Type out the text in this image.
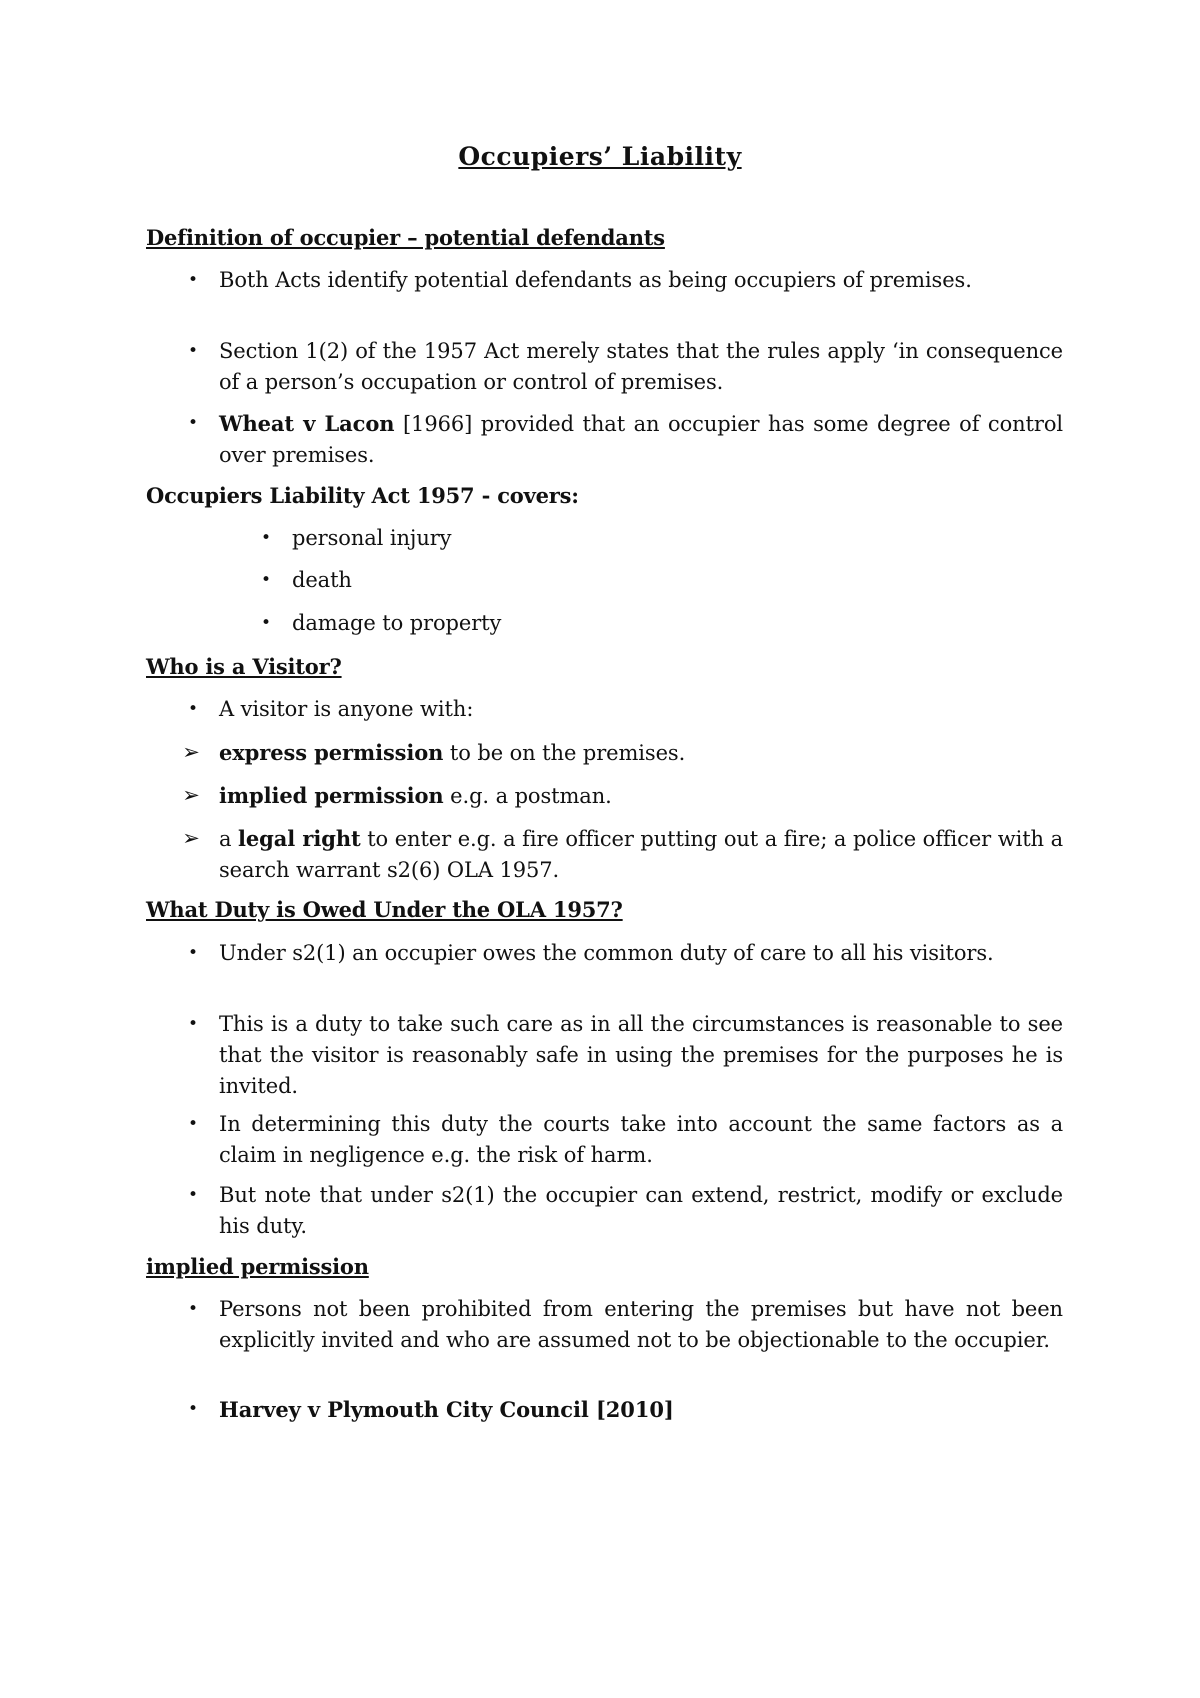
Occupiers’ Liability
Definition of occupier – potential defendants
• Both Acts identify potential defendants as being occupiers of premises.
• Section 1(2) of the 1957 Act merely states that the rules apply ‘in consequence of a person’s occupation or control of premises.
• Wheat v Lacon [1966] provided that an occupier has some degree of control over premises.
Occupiers Liability Act 1957 - covers:
• personal injury
• death
• damage to property
Who is a Visitor?
• A visitor is anyone with:
➢ express permission to be on the premises.
➢ implied permission e.g. a postman.
➢ a legal right to enter e.g. a fire officer putting out a fire; a police officer with a search warrant s2(6) OLA 1957.
What Duty is Owed Under the OLA 1957?
• Under s2(1) an occupier owes the common duty of care to all his visitors.
• This is a duty to take such care as in all the circumstances is reasonable to see that the visitor is reasonably safe in using the premises for the purposes he is invited.
• In determining this duty the courts take into account the same factors as a claim in negligence e.g. the risk of harm.
• But note that under s2(1) the occupier can extend, restrict, modify or exclude his duty.
implied permission
• Persons not been prohibited from entering the premises but have not been explicitly invited and who are assumed not to be objectionable to the occupier.
• Harvey v Plymouth City Council [2010]
